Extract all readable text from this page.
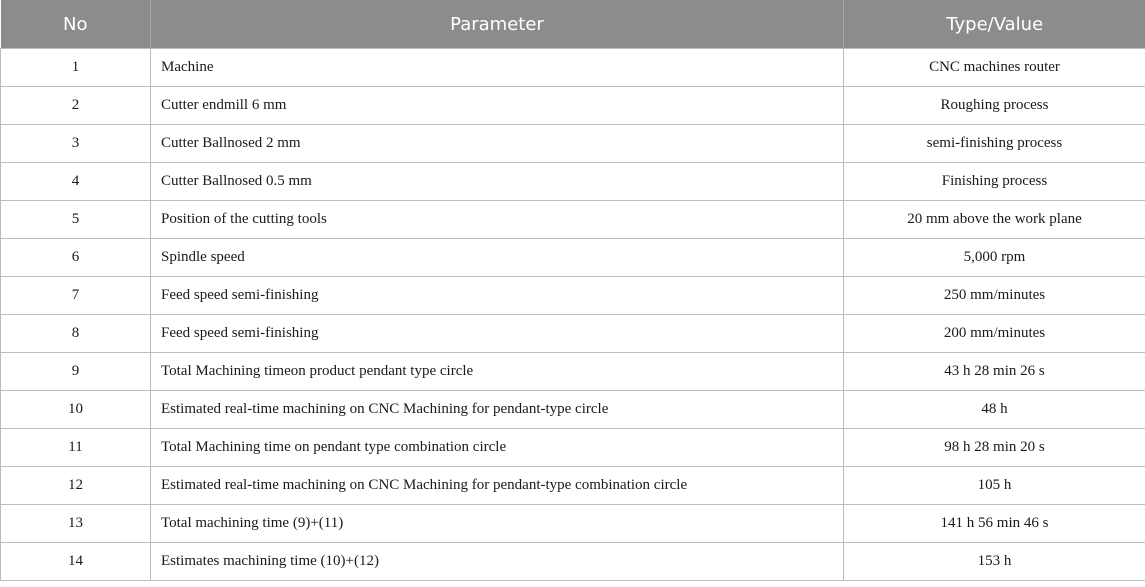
No	Parameter	Type/Value
1	Machine	CNC machines router
2	Cutter endmill 6 mm	Roughing process
3	Cutter Ballnosed 2 mm	semi-finishing process
4	Cutter Ballnosed 0.5 mm	Finishing process
5	Position of the cutting tools	20 mm above the work plane
6	Spindle speed	5,000 rpm
7	Feed speed semi-finishing	250 mm/minutes
8	Feed speed semi-finishing	200 mm/minutes
9	Total Machining timeon product pendant type circle	43 h 28 min 26 s
10	Estimated real-time machining on CNC Machining for pendant-type circle	48 h
11	Total Machining time on pendant type combination circle	98 h 28 min 20 s
12	Estimated real-time machining on CNC Machining for pendant-type combination circle	105 h
13	Total machining time (9)+(11)	141 h 56 min 46 s
14	Estimates machining time (10)+(12)	153 h
